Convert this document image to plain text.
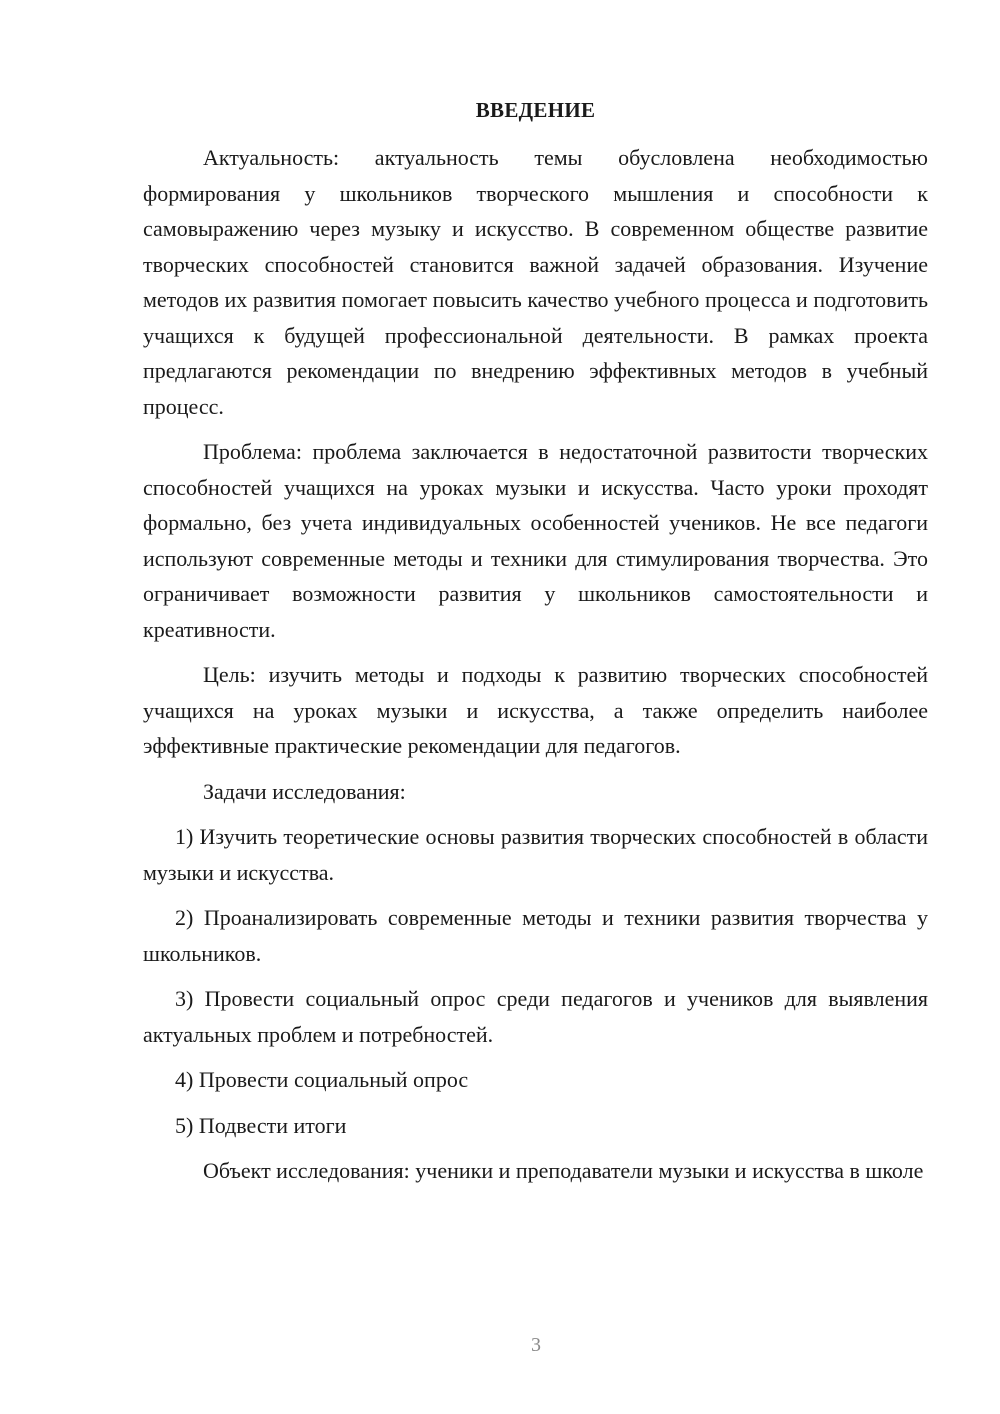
ВВЕДЕНИЕ

Актуальность: актуальность темы обусловлена необходимостью формирования у школьников творческого мышления и способности к самовыражению через музыку и искусство. В современном обществе развитие творческих способностей становится важной задачей образования. Изучение методов их развития помогает повысить качество учебного процесса и подготовить учащихся к будущей профессиональной деятельности. В рамках проекта предлагаются рекомендации по внедрению эффективных методов в учебный процесс.

Проблема: проблема заключается в недостаточной развитости творческих способностей учащихся на уроках музыки и искусства. Часто уроки проходят формально, без учета индивидуальных особенностей учеников. Не все педагоги используют современные методы и техники для стимулирования творчества. Это ограничивает возможности развития у школьников самостоятельности и креативности.

Цель: изучить методы и подходы к развитию творческих способностей учащихся на уроках музыки и искусства, а также определить наиболее эффективные практические рекомендации для педагогов.

Задачи исследования:

1) Изучить теоретические основы развития творческих способностей в области музыки и искусства.

2) Проанализировать современные методы и техники развития творчества у школьников.

3) Провести социальный опрос среди педагогов и учеников для выявления актуальных проблем и потребностей.

4) Провести социальный опрос

5) Подвести итоги

Объект исследования: ученики и преподаватели музыки и искусства в школе

3
